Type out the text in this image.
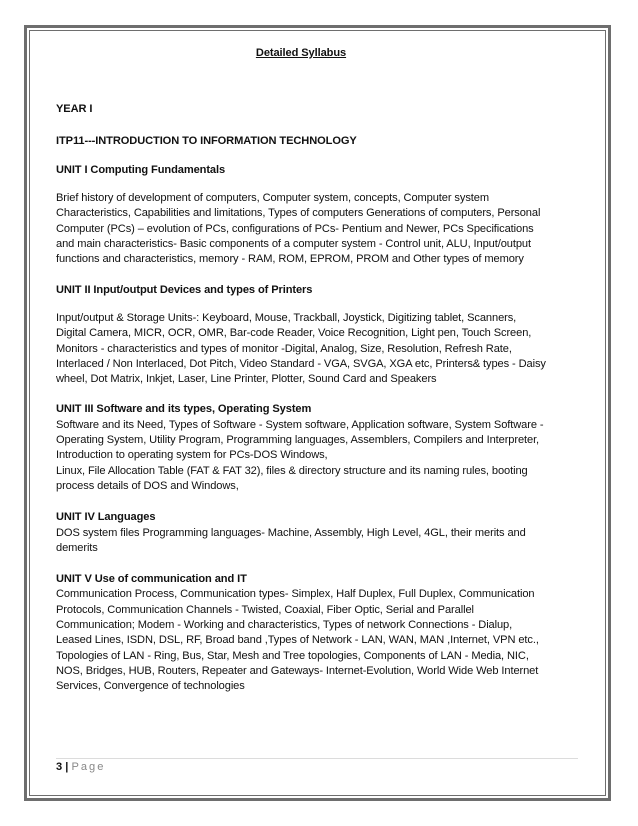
Detailed Syllabus

YEAR I

ITP11---INTRODUCTION TO INFORMATION TECHNOLOGY

UNIT I Computing Fundamentals

Brief history of development of computers, Computer system, concepts, Computer system Characteristics, Capabilities and limitations, Types of computers Generations of computers, Personal Computer (PCs) – evolution of PCs, configurations of PCs- Pentium and Newer, PCs Specifications and main characteristics- Basic components of a computer system - Control unit, ALU, Input/output functions and characteristics, memory - RAM, ROM, EPROM, PROM and Other types of memory

UNIT II Input/output Devices and types of Printers

Input/output & Storage Units-: Keyboard, Mouse, Trackball, Joystick, Digitizing tablet, Scanners, Digital Camera, MICR, OCR, OMR, Bar-code Reader, Voice Recognition, Light pen, Touch Screen, Monitors - characteristics and types of monitor -Digital, Analog, Size, Resolution, Refresh Rate, Interlaced / Non Interlaced, Dot Pitch, Video Standard - VGA, SVGA, XGA etc, Printers& types - Daisy wheel, Dot Matrix, Inkjet, Laser, Line Printer, Plotter, Sound Card and Speakers

UNIT III Software and its types, Operating System

Software and its Need, Types of Software - System software, Application software, System Software - Operating System, Utility Program, Programming languages, Assemblers, Compilers and Interpreter, Introduction to operating system for PCs-DOS Windows,

Linux, File Allocation Table (FAT & FAT 32), files & directory structure and its naming rules, booting process details of DOS and Windows,

UNIT IV Languages

DOS system files Programming languages- Machine, Assembly, High Level, 4GL, their merits and demerits

UNIT V Use of communication and IT

Communication Process, Communication types- Simplex, Half Duplex, Full Duplex, Communication Protocols, Communication Channels - Twisted, Coaxial, Fiber Optic, Serial and Parallel Communication; Modem - Working and characteristics, Types of network Connections - Dialup, Leased Lines, ISDN, DSL, RF, Broad band ,Types of Network - LAN, WAN, MAN ,Internet, VPN etc., Topologies of LAN - Ring, Bus, Star, Mesh and Tree topologies, Components of LAN - Media, NIC, NOS, Bridges, HUB, Routers, Repeater and Gateways- Internet-Evolution, World Wide Web Internet Services, Convergence of technologies

3 | Page
